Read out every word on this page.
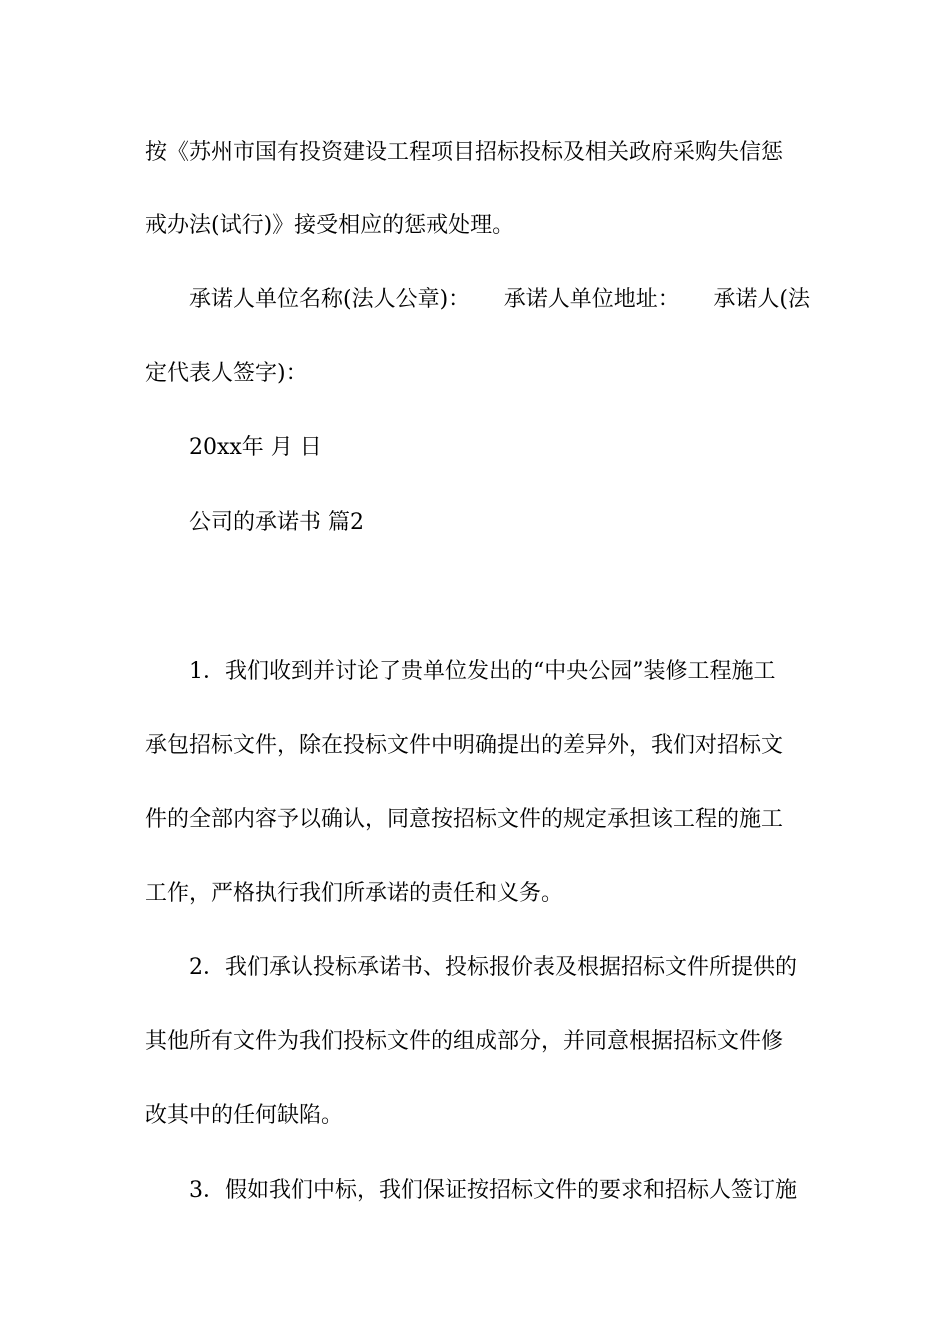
按《苏州市国有投资建设工程项目招标投标及相关政府采购失信惩
戒办法(试行)》接受相应的惩戒处理。
承诺人单位名称(法人公章)： 承诺人单位地址： 承诺人(法
定代表人签字)：
20xx年 月 日
公司的承诺书 篇2
1．我们收到并讨论了贵单位发出的“中央公园”装修工程施工
承包招标文件，除在投标文件中明确提出的差异外，我们对招标文
件的全部内容予以确认，同意按招标文件的规定承担该工程的施工
工作，严格执行我们所承诺的责任和义务。
2．我们承认投标承诺书、投标报价表及根据招标文件所提供的
其他所有文件为我们投标文件的组成部分，并同意根据招标文件修
改其中的任何缺陷。
3．假如我们中标，我们保证按招标文件的要求和招标人签订施
